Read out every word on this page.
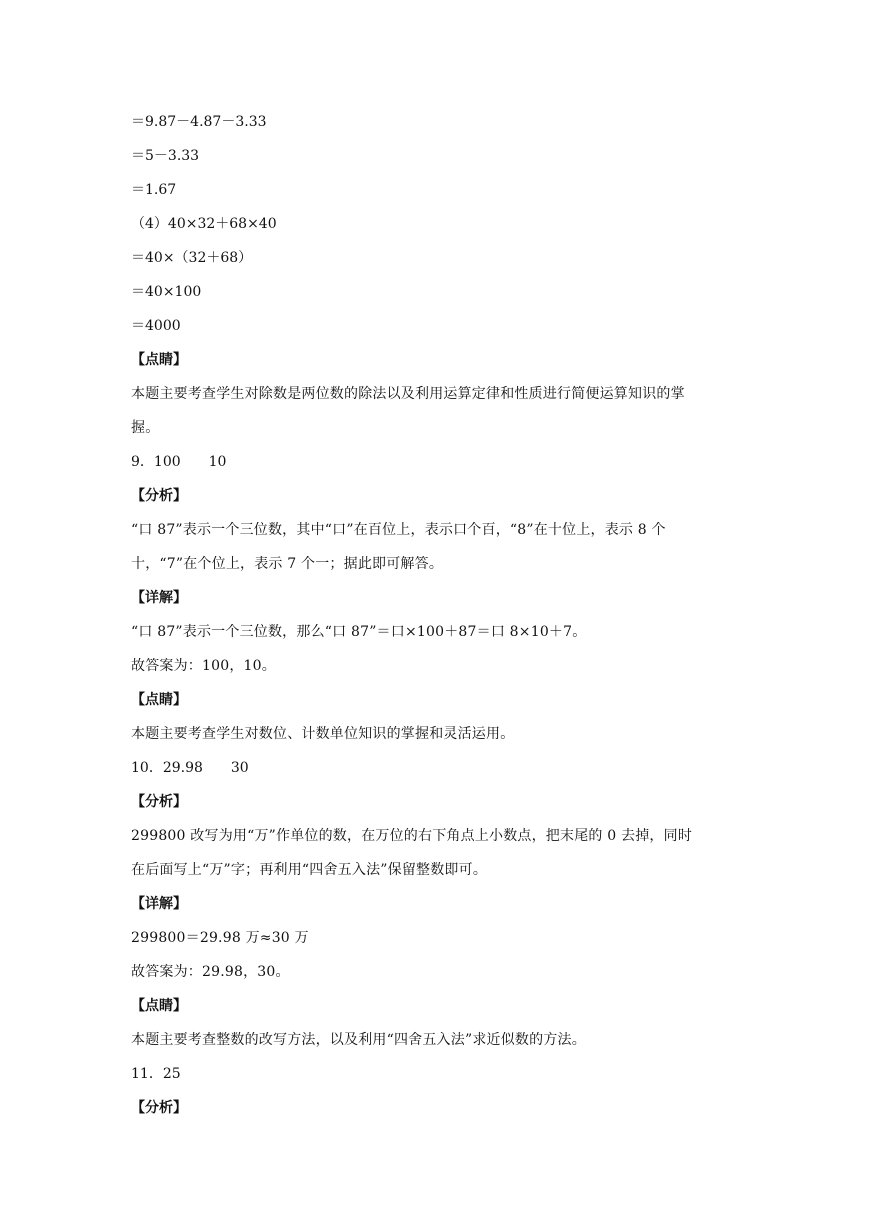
＝9.87－4.87－3.33
＝5－3.33
＝1.67
（4）40×32＋68×40
＝40×（32＋68）
＝40×100
＝4000
【点睛】
本题主要考查学生对除数是两位数的除法以及利用运算定律和性质进行简便运算知识的掌
握。
9．100　　10
【分析】
“口 87”表示一个三位数，其中“口”在百位上，表示口个百，“8”在十位上，表示 8 个
十，“7”在个位上，表示 7 个一；据此即可解答。
【详解】
“口 87”表示一个三位数，那么“口 87”＝口×100＋87＝口 8×10＋7。
故答案为：100，10。
【点睛】
本题主要考查学生对数位、计数单位知识的掌握和灵活运用。
10．29.98　　30
【分析】
299800 改写为用“万”作单位的数，在万位的右下角点上小数点，把末尾的 0 去掉，同时
在后面写上“万”字；再利用“四舍五入法”保留整数即可。
【详解】
299800＝29.98 万≈30 万
故答案为：29.98，30。
【点睛】
本题主要考查整数的改写方法，以及利用“四舍五入法”求近似数的方法。
11．25
【分析】
